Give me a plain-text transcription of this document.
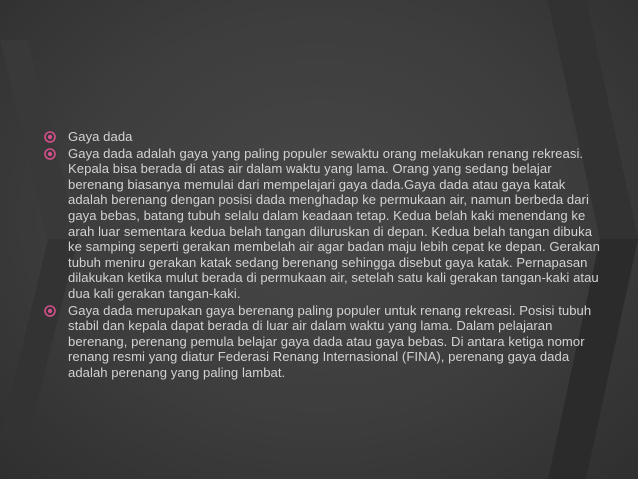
Gaya dada
Gaya dada adalah gaya yang paling populer sewaktu orang melakukan renang rekreasi. Kepala bisa berada di atas air dalam waktu yang lama. Orang yang sedang belajar berenang biasanya memulai dari mempelajari gaya dada.Gaya dada atau gaya katak adalah berenang dengan posisi dada menghadap ke permukaan air, namun berbeda dari gaya bebas, batang tubuh selalu dalam keadaan tetap. Kedua belah kaki menendang ke arah luar sementara kedua belah tangan diluruskan di depan. Kedua belah tangan dibuka ke samping seperti gerakan membelah air agar badan maju lebih cepat ke depan. Gerakan tubuh meniru gerakan katak sedang berenang sehingga disebut gaya katak. Pernapasan dilakukan ketika mulut berada di permukaan air, setelah satu kali gerakan tangan-kaki atau dua kali gerakan tangan-kaki.
Gaya dada merupakan gaya berenang paling populer untuk renang rekreasi. Posisi tubuh stabil dan kepala dapat berada di luar air dalam waktu yang lama. Dalam pelajaran berenang, perenang pemula belajar gaya dada atau gaya bebas. Di antara ketiga nomor renang resmi yang diatur Federasi Renang Internasional (FINA), perenang gaya dada adalah perenang yang paling lambat.
